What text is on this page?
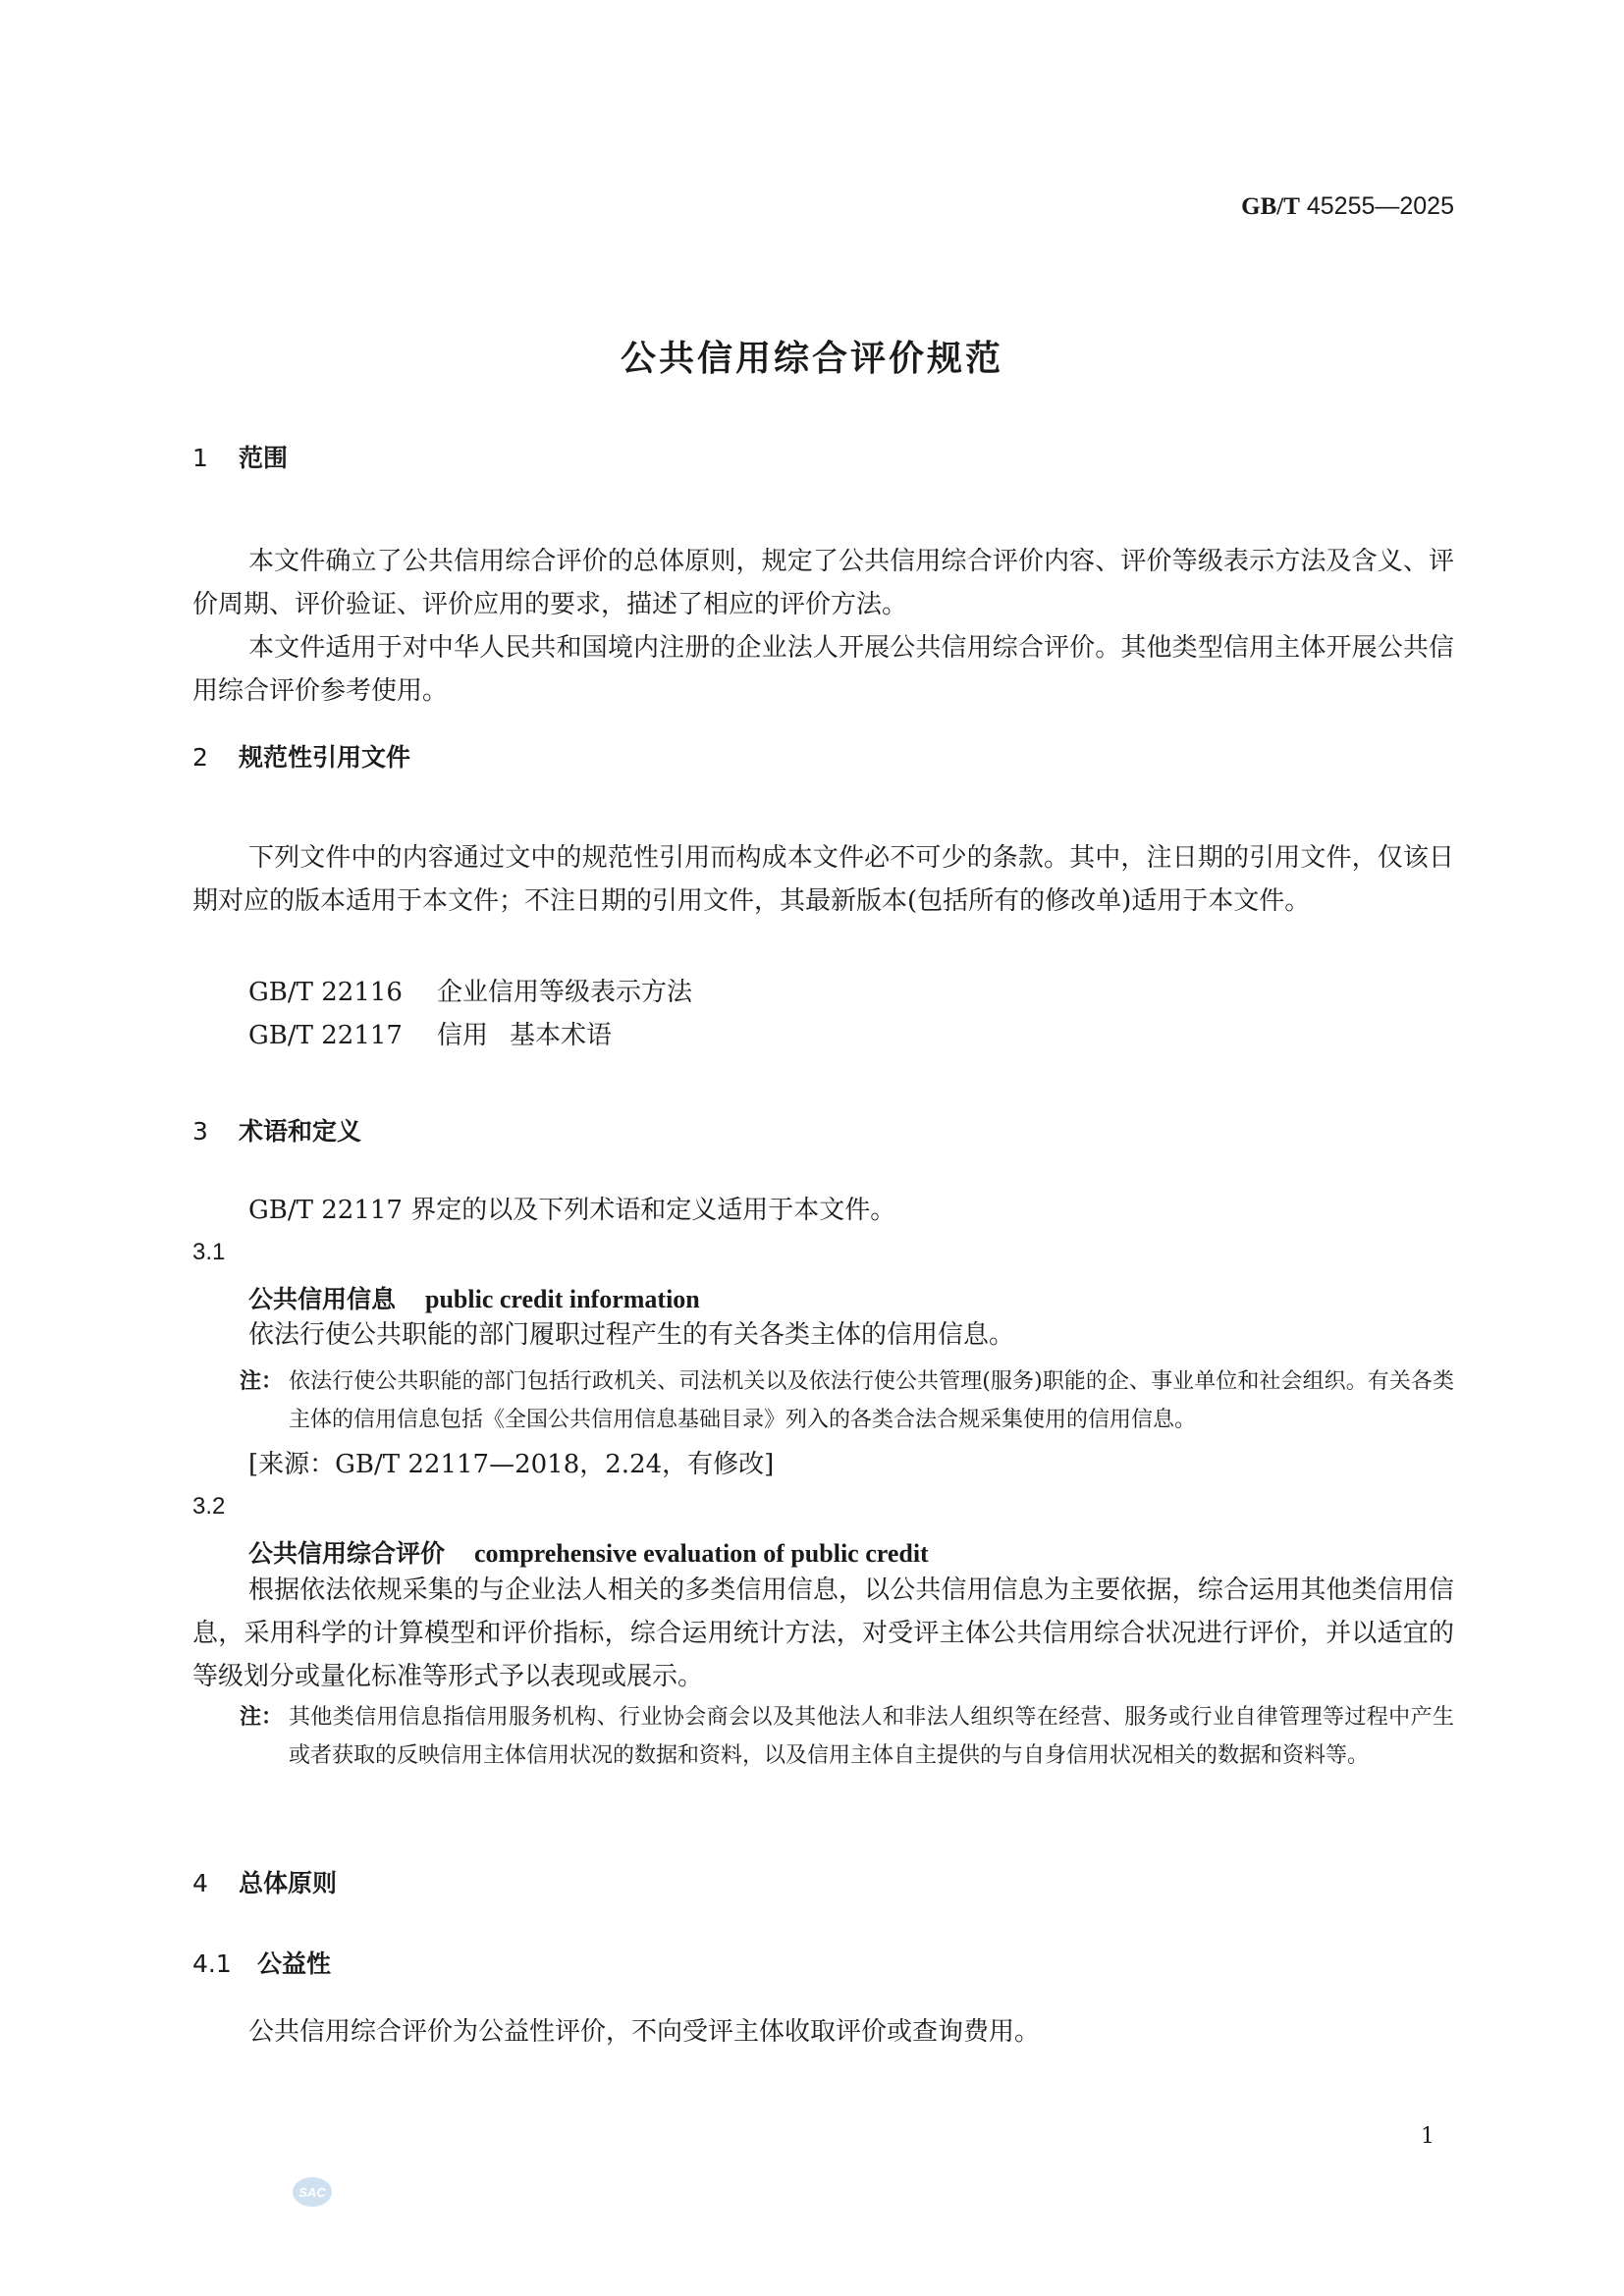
GB/T 45255—2025
公共信用综合评价规范
1 范围

本文件确立了公共信用综合评价的总体原则，规定了公共信用综合评价内容、评价等级表示方法及含义、评价周期、评价验证、评价应用的要求，描述了相应的评价方法。

本文件适用于对中华人民共和国境内注册的企业法人开展公共信用综合评价。其他类型信用主体开展公共信用综合评价参考使用。

2 规范性引用文件

下列文件中的内容通过文中的规范性引用而构成本文件必不可少的条款。其中，注日期的引用文件，仅该日期对应的版本适用于本文件；不注日期的引用文件，其最新版本(包括所有的修改单)适用于本文件。

GB/T 22116 企业信用等级表示方法
GB/T 22117 信用 基本术语
3 术语和定义

GB/T 22117 界定的以及下列术语和定义适用于本文件。

3.1
公共信用信息 public credit information

依法行使公共职能的部门履职过程产生的有关各类主体的信用信息。

注： 依法行使公共职能的部门包括行政机关、司法机关以及依法行使公共管理(服务)职能的企、事业单位和社会组织。有关各类主体的信用信息包括《全国公共信用信息基础目录》列入的各类合法合规采集使用的信用信息。
[来源：GB/T 22117—2018，2.24，有修改]
3.2
公共信用综合评价 comprehensive evaluation of public credit

根据依法依规采集的与企业法人相关的多类信用信息，以公共信用信息为主要依据，综合运用其他类信用信息，采用科学的计算模型和评价指标，综合运用统计方法，对受评主体公共信用综合状况进行评价，并以适宜的等级划分或量化标准等形式予以表现或展示。

注： 其他类信用信息指信用服务机构、行业协会商会以及其他法人和非法人组织等在经营、服务或行业自律管理等过程中产生或者获取的反映信用主体信用状况的数据和资料，以及信用主体自主提供的与自身信用状况相关的数据和资料等。
4 总体原则
4.1 公益性

公共信用综合评价为公益性评价，不向受评主体收取评价或查询费用。

1
SAC
